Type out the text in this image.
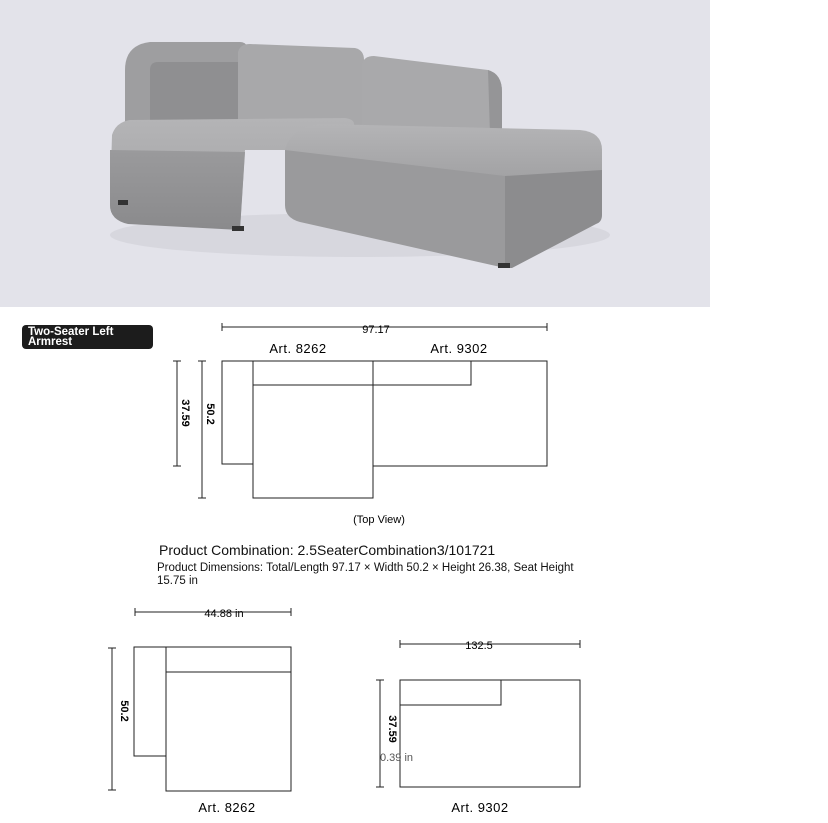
Two-Seater Left Armrest
97.17
37.59 50.2
Art. 8262	Art. 9302
(Top View)
44.88 in
50.2
Art. 8262
132.5
37.59
0.39 in
Art. 9302
Product Combination: 2.5SeaterCombination3/101721
Product Dimensions: Total/Length 97.17 × Width 50.2 × Height 26.38, Seat Height 15.75 in
